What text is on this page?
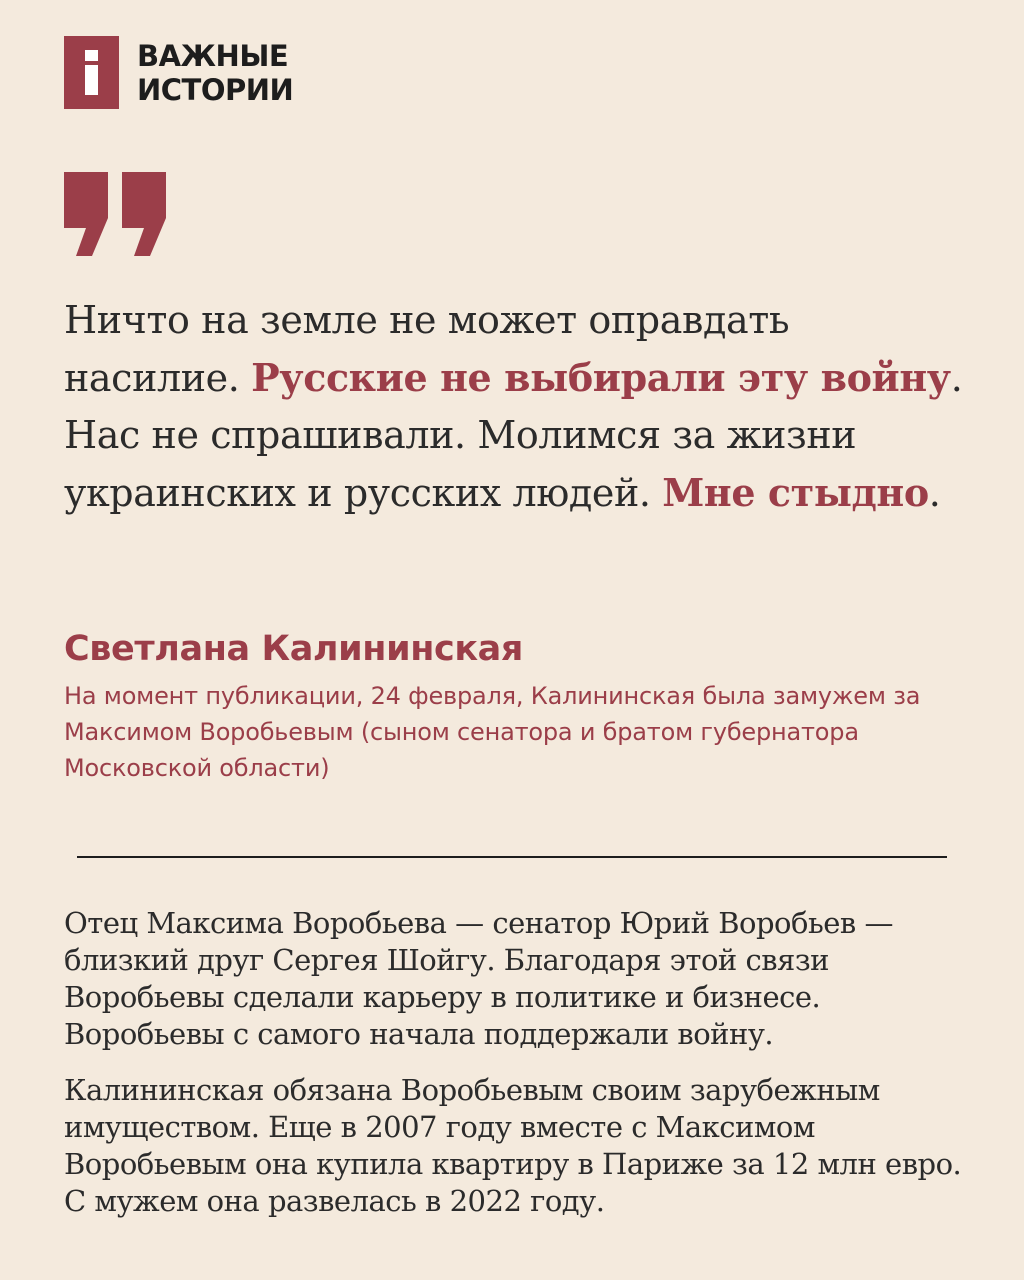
ВАЖНЫЕ
ИСТОРИИ

Ничто на земле не может оправдать насилие. Русские не выбирали эту войну. Нас не спрашивали. Молимся за жизни украинских и русских людей. Мне стыдно.

Светлана Калининская
На момент публикации, 24 февраля, Калининская была замужем за Максимом Воробьевым (сыном сенатора и братом губернатора Московской области)

Отец Максима Воробьева — сенатор Юрий Воробьев — близкий друг Сергея Шойгу. Благодаря этой связи Воробьевы сделали карьеру в политике и бизнесе. Воробьевы с самого начала поддержали войну.

Калининская обязана Воробьевым своим зарубежным имуществом. Еще в 2007 году вместе с Максимом Воробьевым она купила квартиру в Париже за 12 млн евро. С мужем она развелась в 2022 году.
